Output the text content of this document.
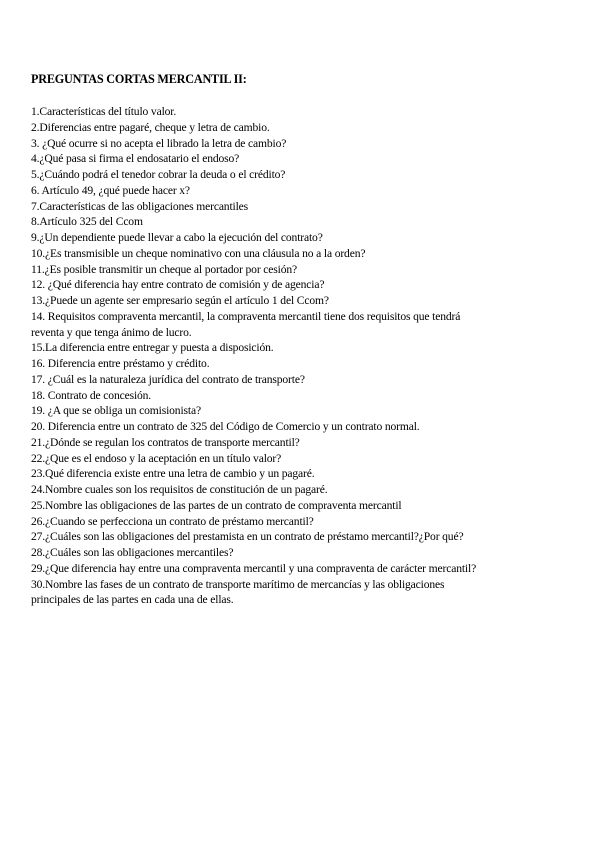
PREGUNTAS CORTAS MERCANTIL II:
1.Características del título valor.
2.Diferencias entre pagaré, cheque y letra de cambio.
3. ¿Qué ocurre si no acepta el librado la letra de cambio?
4.¿Qué pasa si firma el endosatario el endoso?
5.¿Cuándo podrá el tenedor cobrar la deuda o el crédito?
6. Artículo 49, ¿qué puede hacer x?
7.Características de las obligaciones mercantiles
8.Artículo 325 del Ccom
9.¿Un dependiente puede llevar a cabo la ejecución del contrato?
10.¿Es transmisible un cheque nominativo con una cláusula no a la orden?
11.¿Es posible transmitir un cheque al portador por cesión?
12. ¿Qué diferencia hay entre contrato de comisión y de agencia?
13.¿Puede un agente ser empresario según el artículo 1 del Ccom?
14. Requisitos compraventa mercantil, la compraventa mercantil tiene dos requisitos que tendrá
reventa y que tenga ánimo de lucro.
15.La diferencia entre entregar y puesta a disposición.
16. Diferencia entre préstamo y crédito.
17. ¿Cuál es la naturaleza jurídica del contrato de transporte?
18. Contrato de concesión.
19. ¿A que se obliga un comisionista?
20. Diferencia entre un contrato de 325 del Código de Comercio y un contrato normal.
21.¿Dónde se regulan los contratos de transporte mercantil?
22.¿Que es el endoso y la aceptación en un título valor?
23.Qué diferencia existe entre una letra de cambio y un pagaré.
24.Nombre cuales son los requisitos de constitución de un pagaré.
25.Nombre las obligaciones de las partes de un contrato de compraventa mercantil
26.¿Cuando se perfecciona un contrato de préstamo mercantil?
27.¿Cuáles son las obligaciones del prestamista en un contrato de préstamo mercantil?¿Por qué?
28.¿Cuáles son las obligaciones mercantiles?
29.¿Que diferencia hay entre una compraventa mercantil y una compraventa de carácter mercantil?
30.Nombre las fases de un contrato de transporte marítimo de mercancías y las obligaciones
principales de las partes en cada una de ellas.
